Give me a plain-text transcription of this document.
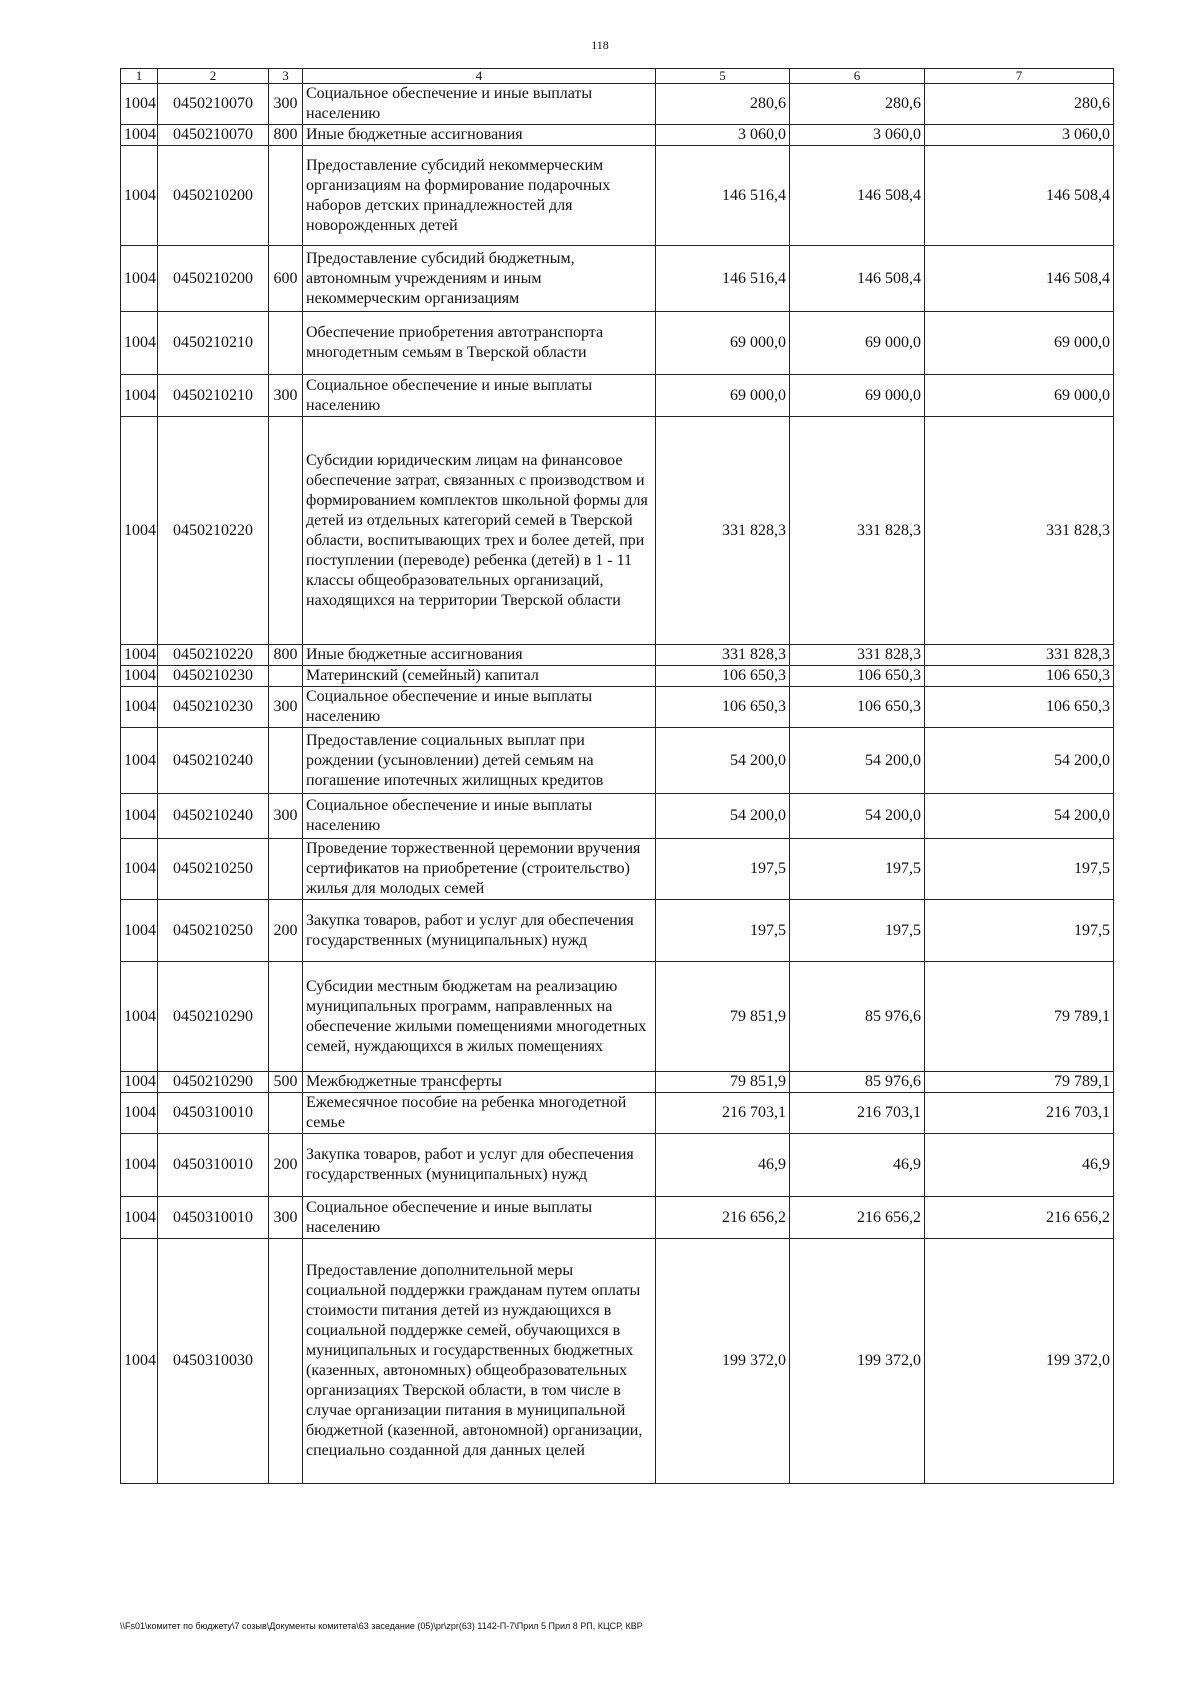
118
1	2	3	4	5	6	7
1004	0450210070	300	Социальное обеспечение и иные выплаты населению	280,6	280,6	280,6
1004	0450210070	800	Иные бюджетные ассигнования	3 060,0	3 060,0	3 060,0
1004	0450210200		Предоставление субсидий некоммерческим организациям на формирование подарочных наборов детских принадлежностей для новорожденных детей	146 516,4	146 508,4	146 508,4
1004	0450210200	600	Предоставление субсидий бюджетным, автономным учреждениям и иным некоммерческим организациям	146 516,4	146 508,4	146 508,4
1004	0450210210		Обеспечение приобретения автотранспорта многодетным семьям в Тверской области	69 000,0	69 000,0	69 000,0
1004	0450210210	300	Социальное обеспечение и иные выплаты населению	69 000,0	69 000,0	69 000,0
1004	0450210220		Субсидии юридическим лицам на финансовое обеспечение затрат, связанных с производством и формированием комплектов школьной формы для детей из отдельных категорий семей в Тверской области, воспитывающих трех и более детей, при поступлении (переводе) ребенка (детей) в 1 - 11 классы общеобразовательных организаций, находящихся на территории Тверской области	331 828,3	331 828,3	331 828,3
1004	0450210220	800	Иные бюджетные ассигнования	331 828,3	331 828,3	331 828,3
1004	0450210230		Материнский (семейный) капитал	106 650,3	106 650,3	106 650,3
1004	0450210230	300	Социальное обеспечение и иные выплаты населению	106 650,3	106 650,3	106 650,3
1004	0450210240		Предоставление социальных выплат при рождении (усыновлении) детей семьям на погашение ипотечных жилищных кредитов	54 200,0	54 200,0	54 200,0
1004	0450210240	300	Социальное обеспечение и иные выплаты населению	54 200,0	54 200,0	54 200,0
1004	0450210250		Проведение торжественной церемонии вручения сертификатов на приобретение (строительство) жилья для молодых семей	197,5	197,5	197,5
1004	0450210250	200	Закупка товаров, работ и услуг для обеспечения государственных (муниципальных) нужд	197,5	197,5	197,5
1004	0450210290		Субсидии местным бюджетам на реализацию муниципальных программ, направленных на обеспечение жилыми помещениями многодетных семей, нуждающихся в жилых помещениях	79 851,9	85 976,6	79 789,1
1004	0450210290	500	Межбюджетные трансферты	79 851,9	85 976,6	79 789,1
1004	0450310010		Ежемесячное пособие на ребенка многодетной семье	216 703,1	216 703,1	216 703,1
1004	0450310010	200	Закупка товаров, работ и услуг для обеспечения государственных (муниципальных) нужд	46,9	46,9	46,9
1004	0450310010	300	Социальное обеспечение и иные выплаты населению	216 656,2	216 656,2	216 656,2
1004	0450310030		Предоставление дополнительной меры социальной поддержки гражданам путем оплаты стоимости питания детей из нуждающихся в социальной поддержке семей, обучающихся в муниципальных и государственных бюджетных (казенных, автономных) общеобразовательных организациях Тверской области, в том числе в случае организации питания в муниципальной бюджетной (казенной, автономной) организации, специально созданной для данных целей	199 372,0	199 372,0	199 372,0
\\Fs01\комитет по бюджету\7 созыв\Документы комитета\63 заседание (05)\pr\zpr(63) 1142-П-7\Прил 5 Прил 8 РП, КЦСР, КВР
